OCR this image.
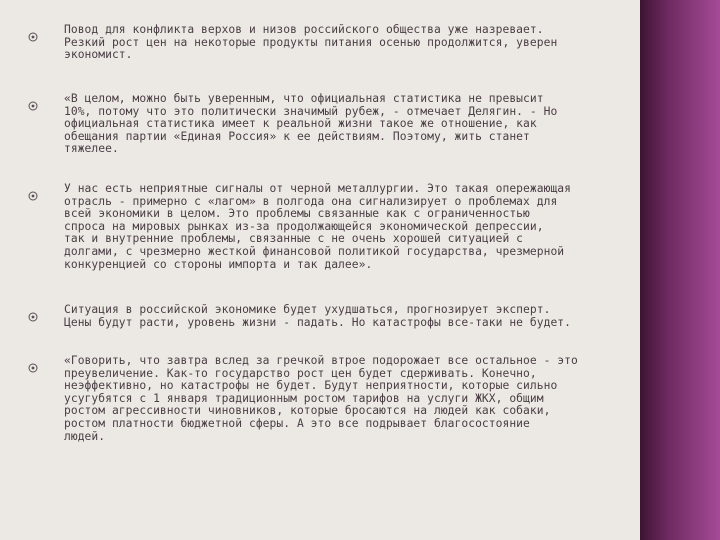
Повод для конфликта верхов и низов российского общества уже назревает.
Резкий рост цен на некоторые продукты питания осенью продолжится, уверен
экономист.
«В целом, можно быть уверенным, что официальная статистика не превысит
10%, потому что это политически значимый рубеж, - отмечает Делягин. - Но
официальная статистика имеет к реальной жизни такое же отношение, как
обещания партии «Единая Россия» к ее действиям. Поэтому, жить станет
тяжелее.
У нас есть неприятные сигналы от черной металлургии. Это такая опережающая
отрасль - примерно с «лагом» в полгода она сигнализирует о проблемах для
всей экономики в целом. Это проблемы связанные как с ограниченностью
спроса на мировых рынках из-за продолжающейся экономической депрессии,
так и внутренние проблемы, связанные с не очень хорошей ситуацией с
долгами, с чрезмерно жесткой финансовой политикой государства, чрезмерной
конкуренцией со стороны импорта и так далее».
Ситуация в российской экономике будет ухудшаться, прогнозирует эксперт.
Цены будут расти, уровень жизни - падать. Но катастрофы все-таки не будет.
«Говорить, что завтра вслед за гречкой втрое подорожает все остальное - это
преувеличение. Как-то государство рост цен будет сдерживать. Конечно,
неэффективно, но катастрофы не будет. Будут неприятности, которые сильно
усугубятся с 1 января традиционным ростом тарифов на услуги ЖКХ, общим
ростом агрессивности чиновников, которые бросаются на людей как собаки,
ростом платности бюджетной сферы. А это все подрывает благосостояние
людей.
